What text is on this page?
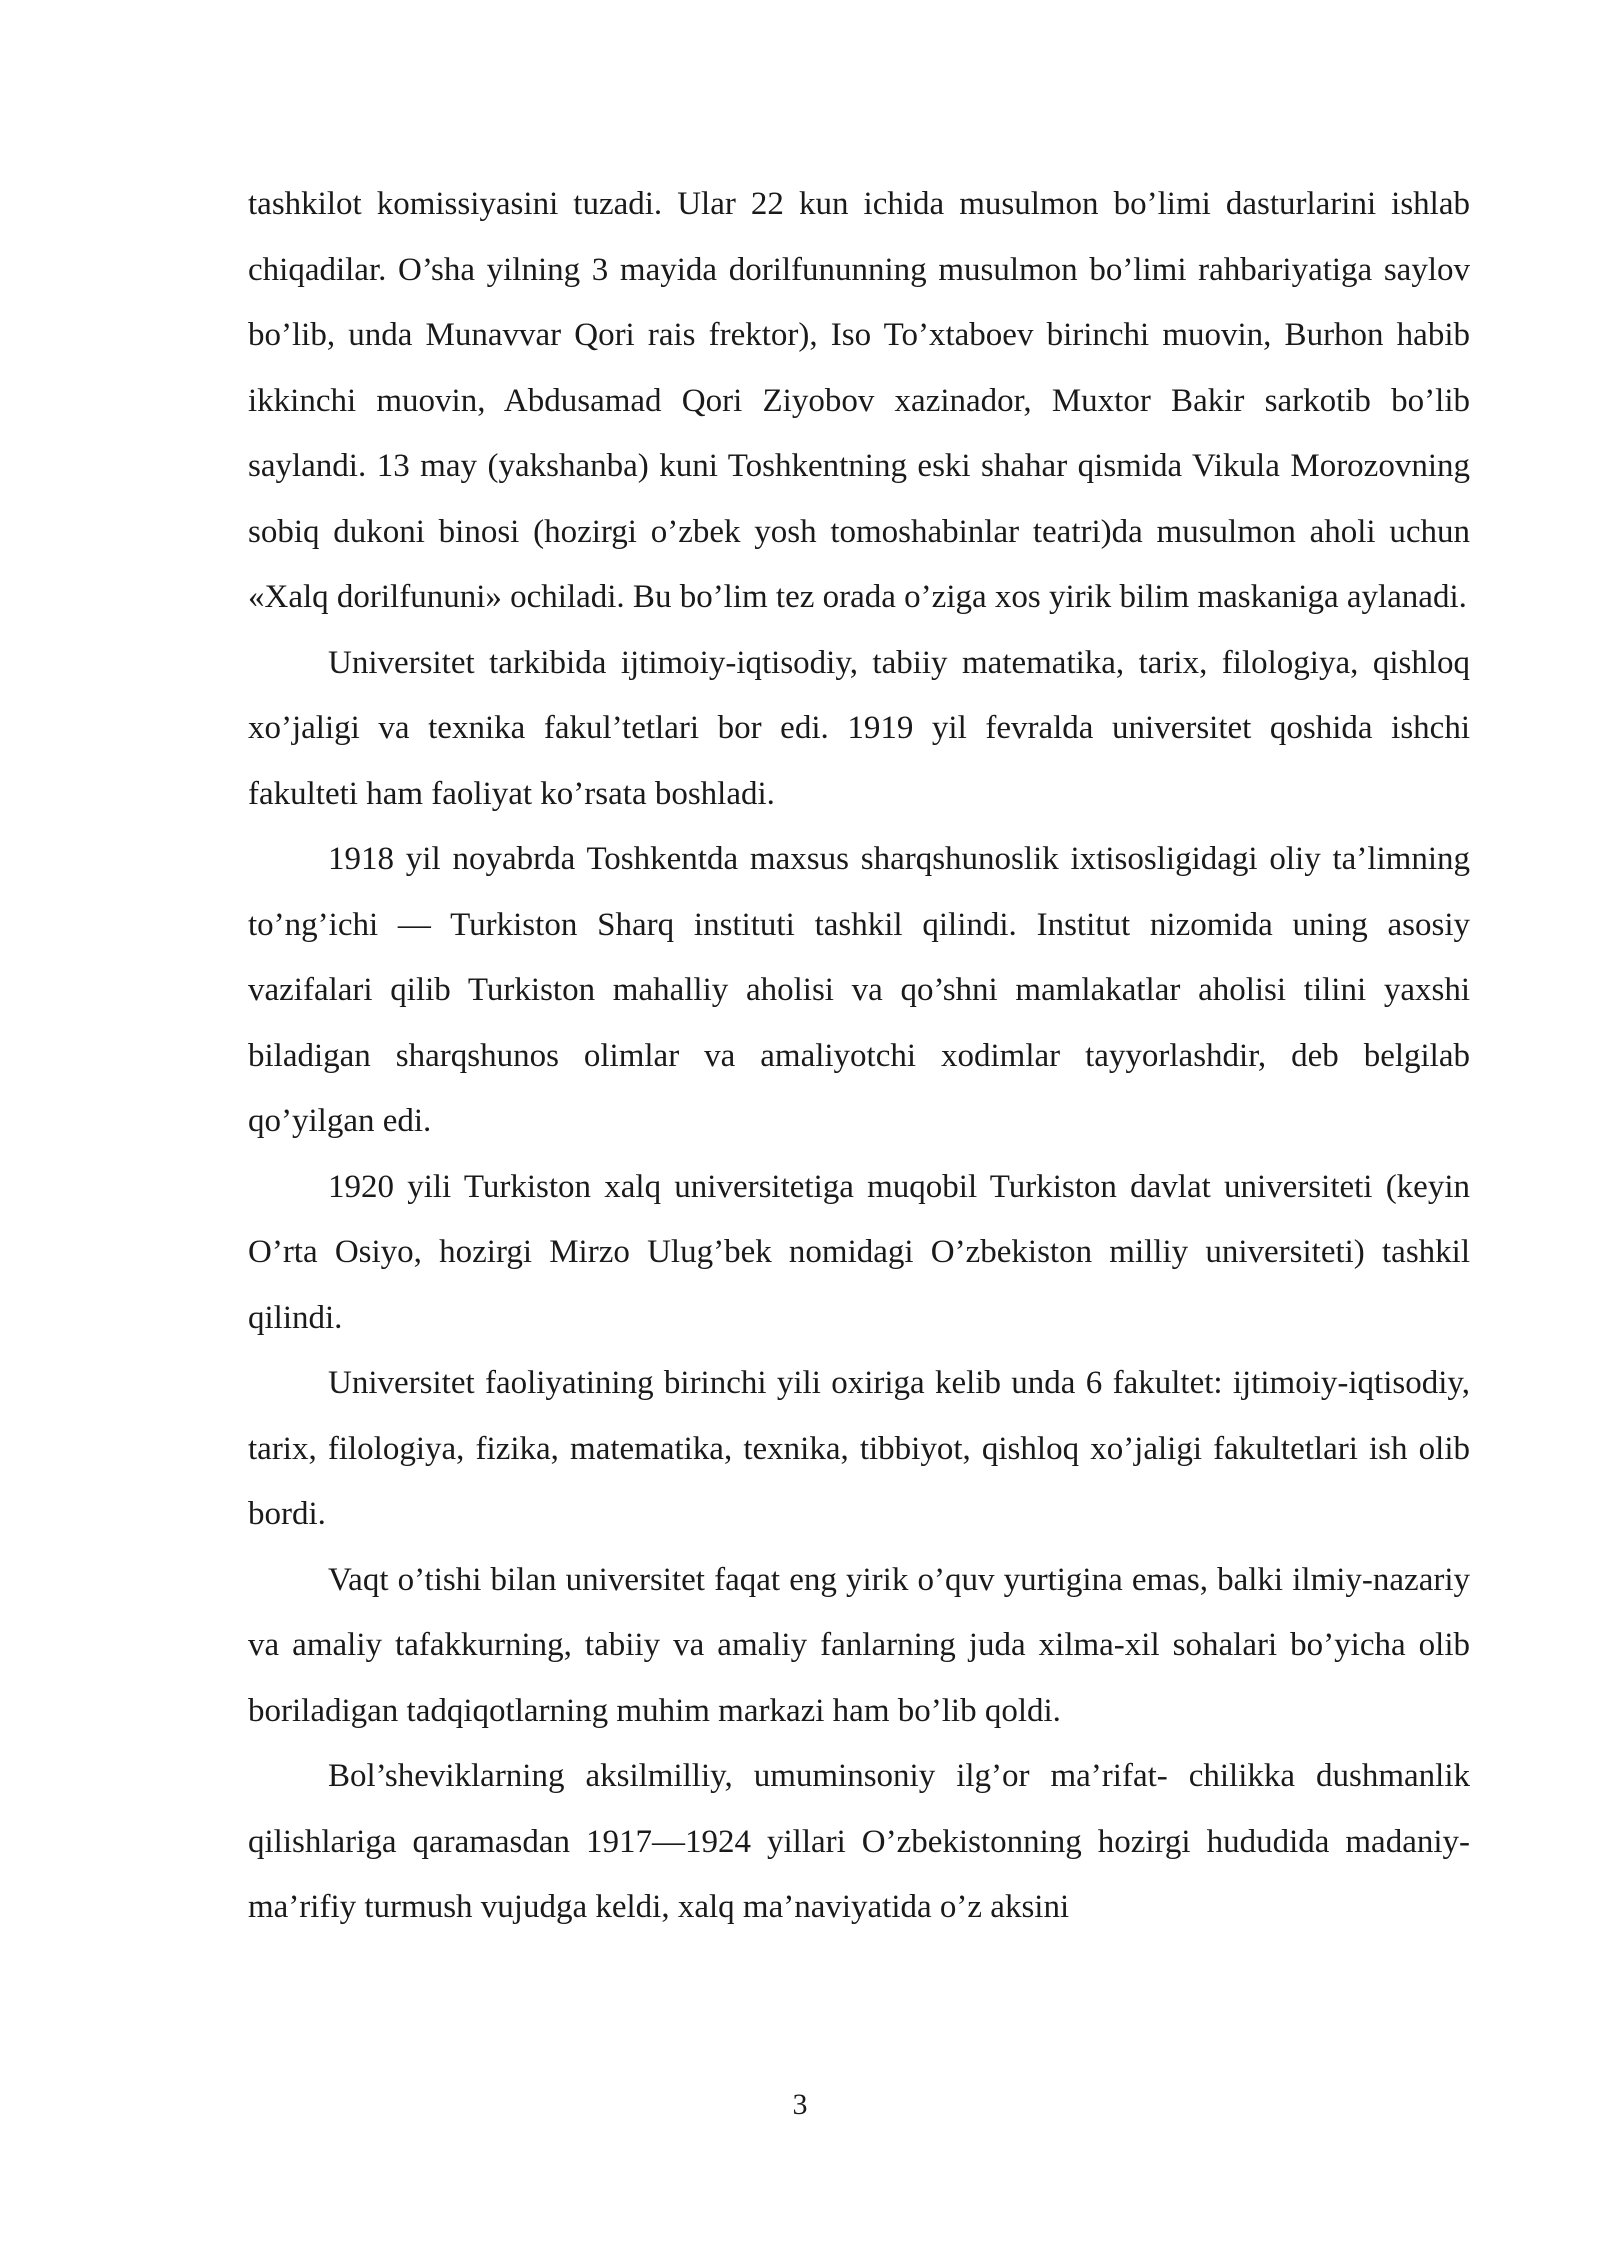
tashkilot komissiyasini tuzadi. Ular 22 kun ichida musulmon bo’limi dasturlarini ishlab chiqadilar. O’sha yilning 3 mayida dorilfununning musulmon bo’limi rahbariyatiga saylov bo’lib, unda Munavvar Qori rais frektor), Iso To’xtaboev birinchi muovin, Burhon habib ikkinchi muovin, Abdusamad Qori Ziyobov xazinador, Muxtor Bakir sarkotib bo’lib saylandi. 13 may (yakshanba) kuni Toshkentning eski shahar qismida Vikula Morozovning sobiq dukoni binosi (hozirgi o’zbek yosh tomoshabinlar teatri)da musulmon aholi uchun «Xalq dorilfununi» ochiladi. Bu bo’lim tez orada o’ziga xos yirik bilim maskaniga aylanadi.

Universitet tarkibida ijtimoiy-iqtisodiy, tabiiy matematika, tarix, filologiya, qishloq xo’jaligi va texnika fakul’tetlari bor edi. 1919 yil fevralda universitet qoshida ishchi fakulteti ham faoliyat ko’rsata boshladi.

1918 yil noyabrda Toshkentda maxsus sharqshunoslik ixtisosligidagi oliy ta’limning to’ng’ichi — Turkiston Sharq instituti tashkil qilindi. Institut nizomida uning asosiy vazifalari qilib Turkiston mahalliy aholisi va qo’shni mamlakatlar aholisi tilini yaxshi biladigan sharqshunos olimlar va amaliyotchi xodimlar tayyorlashdir, deb belgilab qo’yilgan edi.

1920 yili Turkiston xalq universitetiga muqobil Turkiston davlat universiteti (keyin O’rta Osiyo, hozirgi Mirzo Ulug’bek nomidagi O’zbekiston milliy universiteti) tashkil qilindi.

Universitet faoliyatining birinchi yili oxiriga kelib unda 6 fakultet: ijtimoiy-iqtisodiy, tarix, filologiya, fizika, matematika, texnika, tibbiyot, qishloq xo’jaligi fakultetlari ish olib bordi.

Vaqt o’tishi bilan universitet faqat eng yirik o’quv yurtigina emas, balki ilmiy-nazariy va amaliy tafakkurning, tabiiy va amaliy fanlarning juda xilma-xil sohalari bo’yicha olib boriladigan tadqiqotlarning muhim markazi ham bo’lib qoldi.

Bol’sheviklarning aksilmilliy, umuminsoniy ilg’or ma’rifat- chilikka dushmanlik qilishlariga qaramasdan 1917—1924 yillari O’zbekistonning hozirgi hududida madaniy-ma’rifiy turmush vujudga keldi, xalq ma’naviyatida o’z aksini

3
